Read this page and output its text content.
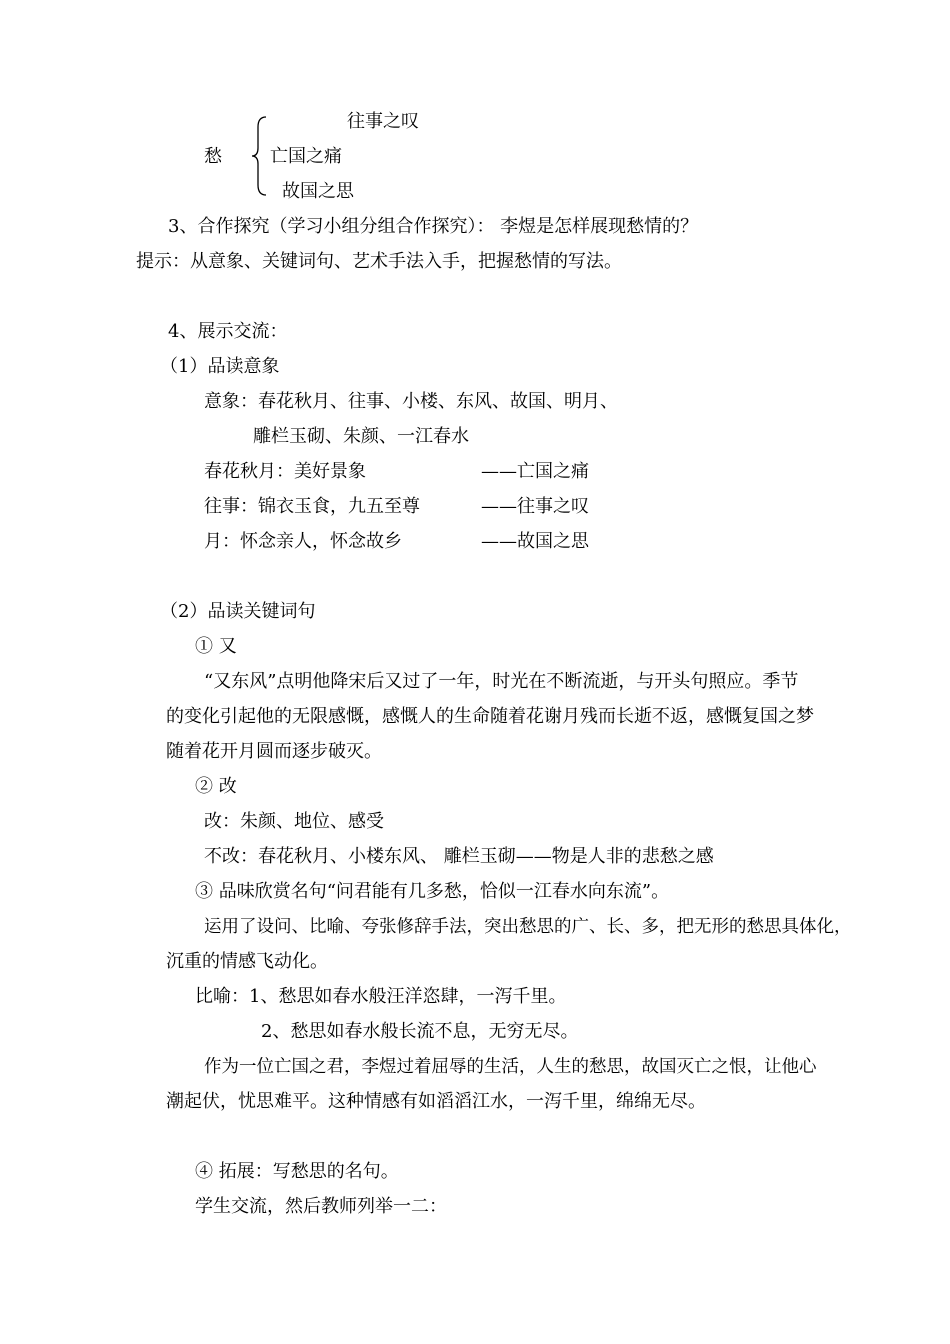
愁
往事之叹
亡国之痛
故国之思
3、合作探究（学习小组分组合作探究）： 李煜是怎样展现愁情的？
提示：从意象、关键词句、艺术手法入手，把握愁情的写法。
4、展示交流：
（1）品读意象
意象：春花秋月、往事、小楼、东风、故国、明月、
雕栏玉砌、朱颜、一江春水
春花秋月：美好景象	——亡国之痛
往事：锦衣玉食，九五至尊	——往事之叹
月：怀念亲人，怀念故乡	——故国之思
（2）品读关键词句
① 又
“又东风”点明他降宋后又过了一年，时光在不断流逝，与开头句照应。季节
的变化引起他的无限感慨，感慨人的生命随着花谢月残而长逝不返，感慨复国之梦
随着花开月圆而逐步破灭。
② 改
改：朱颜、地位、感受
不改：春花秋月、小楼东风、 雕栏玉砌——物是人非的悲愁之感
③ 品味欣赏名句“问君能有几多愁，恰似一江春水向东流”。
运用了设问、比喻、夸张修辞手法，突出愁思的广、长、多，把无形的愁思具体化，
沉重的情感飞动化。
比喻：1、愁思如春水般汪洋恣肆，一泻千里。
2、愁思如春水般长流不息，无穷无尽。
作为一位亡国之君，李煜过着屈辱的生活，人生的愁思，故国灭亡之恨，让他心
潮起伏，忧思难平。这种情感有如滔滔江水，一泻千里，绵绵无尽。
④ 拓展：写愁思的名句。
学生交流，然后教师列举一二：
